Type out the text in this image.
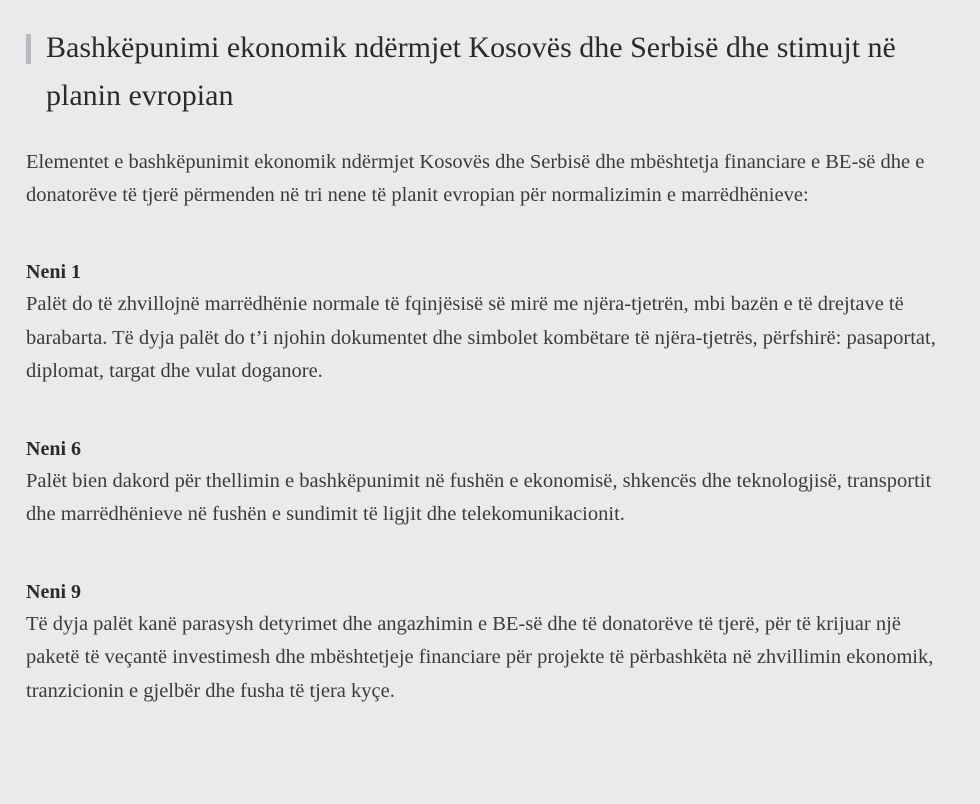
Bashkëpunimi ekonomik ndërmjet Kosovës dhe Serbisë dhe stimujt në planin evropian

Elementet e bashkëpunimit ekonomik ndërmjet Kosovës dhe Serbisë dhe mbështetja financiare e BE-së dhe e donatorëve të tjerë përmenden në tri nene të planit evropian për normalizimin e marrëdhënieve:

Neni 1

Palët do të zhvillojnë marrëdhënie normale të fqinjësisë së mirë me njëra-tjetrën, mbi bazën e të drejtave të barabarta. Të dyja palët do t’i njohin dokumentet dhe simbolet kombëtare të njëra-tjetrës, përfshirë: pasaportat, diplomat, targat dhe vulat doganore.

Neni 6

Palët bien dakord për thellimin e bashkëpunimit në fushën e ekonomisë, shkencës dhe teknologjisë, transportit dhe marrëdhënieve në fushën e sundimit të ligjit dhe telekomunikacionit.

Neni 9

Të dyja palët kanë parasysh detyrimet dhe angazhimin e BE-së dhe të donatorëve të tjerë, për të krijuar një paketë të veçantë investimesh dhe mbështetjeje financiare për projekte të përbashkëta në zhvillimin ekonomik, tranzicionin e gjelbër dhe fusha të tjera kyçe.
